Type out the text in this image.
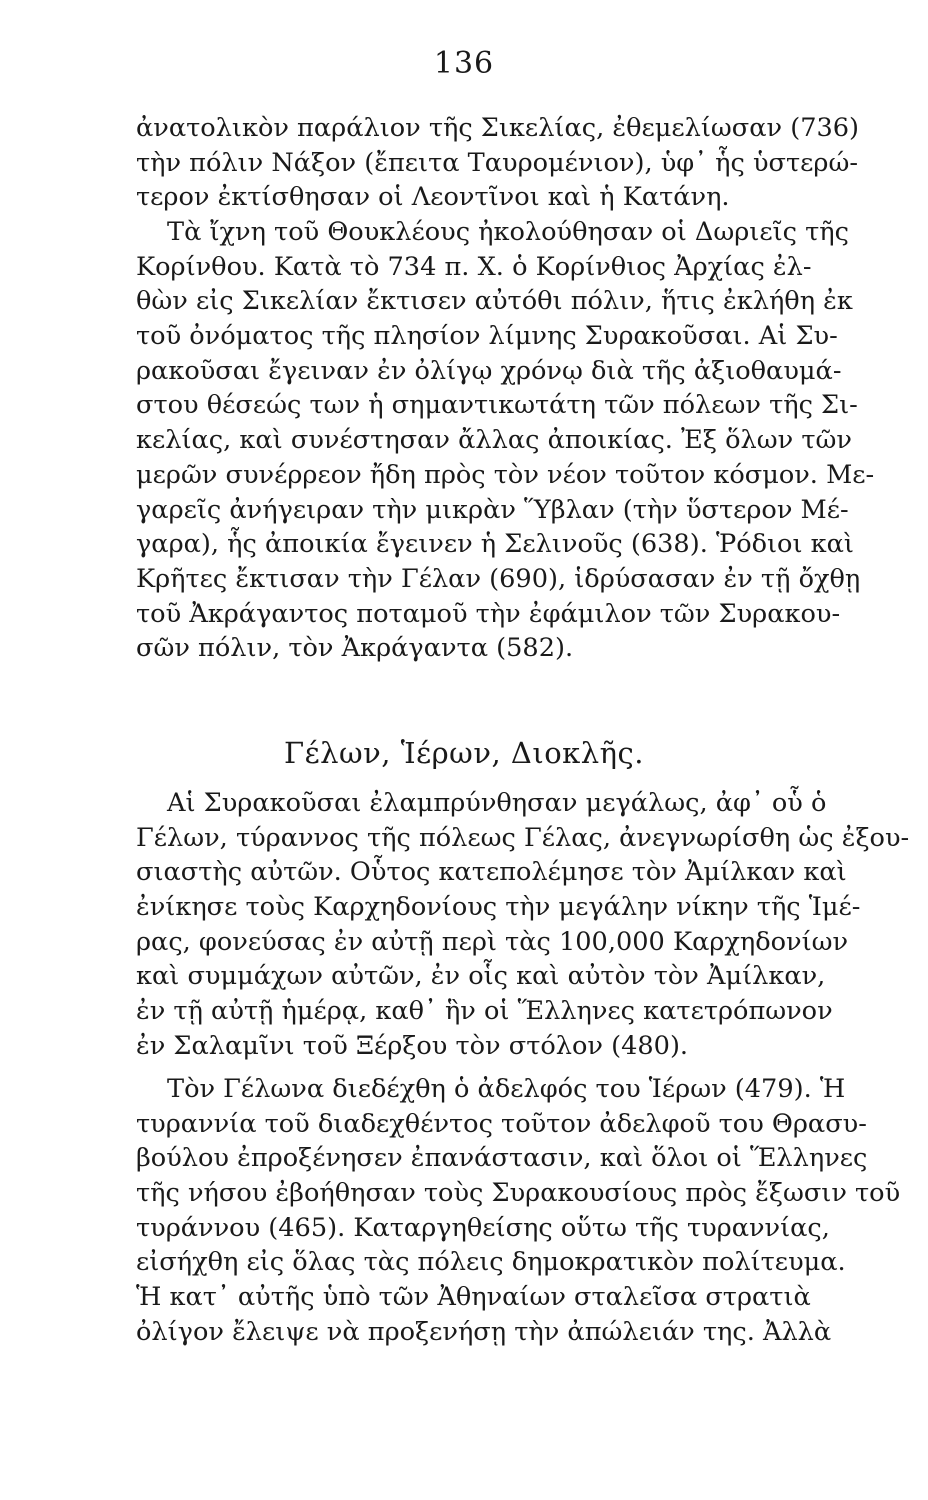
136
ἀνατολικὸν παράλιον τῆς Σικελίας, ἐθεμελίωσαν (736)
τὴν πόλιν Νάξον (ἔπειτα Ταυρομένιον), ὑφ᾽ ἧς ὑστερώ-
τερον ἐκτίσθησαν οἱ Λεοντῖνοι καὶ ἡ Κατάνη.
Τὰ ἴχνη τοῦ Θουκλέους ἠκολούθησαν οἱ Δωριεῖς τῆς
Κορίνθου. Κατὰ τὸ 734 π. Χ. ὁ Κορίνθιος Ἀρχίας ἐλ-
θὼν εἰς Σικελίαν ἔκτισεν αὐτόθι πόλιν, ἥτις ἐκλήθη ἐκ
τοῦ ὀνόματος τῆς πλησίον λίμνης Συρακοῦσαι. Αἱ Συ-
ρακοῦσαι ἔγειναν ἐν ὀλίγῳ χρόνῳ διὰ τῆς ἀξιοθαυμά-
στου θέσεώς των ἡ σημαντικωτάτη τῶν πόλεων τῆς Σι-
κελίας, καὶ συνέστησαν ἄλλας ἀποικίας. Ἐξ ὅλων τῶν
μερῶν συνέρρεον ἤδη πρὸς τὸν νέον τοῦτον κόσμον. Με-
γαρεῖς ἀνήγειραν τὴν μικρὰν Ὕβλαν (τὴν ὕστερον Μέ-
γαρα), ἧς ἀποικία ἔγεινεν ἡ Σελινοῦς (638). Ῥόδιοι καὶ
Κρῆτες ἔκτισαν τὴν Γέλαν (690), ἱδρύσασαν ἐν τῇ ὄχθῃ
τοῦ Ἀκράγαντος ποταμοῦ τὴν ἐφάμιλον τῶν Συρακου-
σῶν πόλιν, τὸν Ἀκράγαντα (582).
Γέλων, Ἱέρων, Διοκλῆς.
Αἱ Συρακοῦσαι ἐλαμπρύνθησαν μεγάλως, ἀφ᾽ οὗ ὁ
Γέλων, τύραννος τῆς πόλεως Γέλας, ἀνεγνωρίσθη ὡς ἐξου-
σιαστὴς αὐτῶν. Οὗτος κατεπολέμησε τὸν Ἀμίλκαν καὶ
ἐνίκησε τοὺς Καρχηδονίους τὴν μεγάλην νίκην τῆς Ἱμέ-
ρας, φονεύσας ἐν αὐτῇ περὶ τὰς 100,000 Καρχηδονίων
καὶ συμμάχων αὐτῶν, ἐν οἷς καὶ αὐτὸν τὸν Ἀμίλκαν,
ἐν τῇ αὐτῇ ἡμέρᾳ, καθ᾽ ἣν οἱ Ἕλληνες κατετρόπωνον
ἐν Σαλαμῖνι τοῦ Ξέρξου τὸν στόλον (480).
Τὸν Γέλωνα διεδέχθη ὁ ἀδελφός του Ἱέρων (479). Ἡ
τυραννία τοῦ διαδεχθέντος τοῦτον ἀδελφοῦ του Θρασυ-
βούλου ἐπροξένησεν ἐπανάστασιν, καὶ ὅλοι οἱ Ἕλληνες
τῆς νήσου ἐβοήθησαν τοὺς Συρακουσίους πρὸς ἔξωσιν τοῦ
τυράννου (465). Καταργηθείσης οὕτω τῆς τυραννίας,
εἰσήχθη εἰς ὅλας τὰς πόλεις δημοκρατικὸν πολίτευμα.
Ἡ κατ᾽ αὐτῆς ὑπὸ τῶν Ἀθηναίων σταλεῖσα στρατιὰ
ὀλίγον ἔλειψε νὰ προξενήσῃ τὴν ἀπώλειάν της. Ἀλλὰ
